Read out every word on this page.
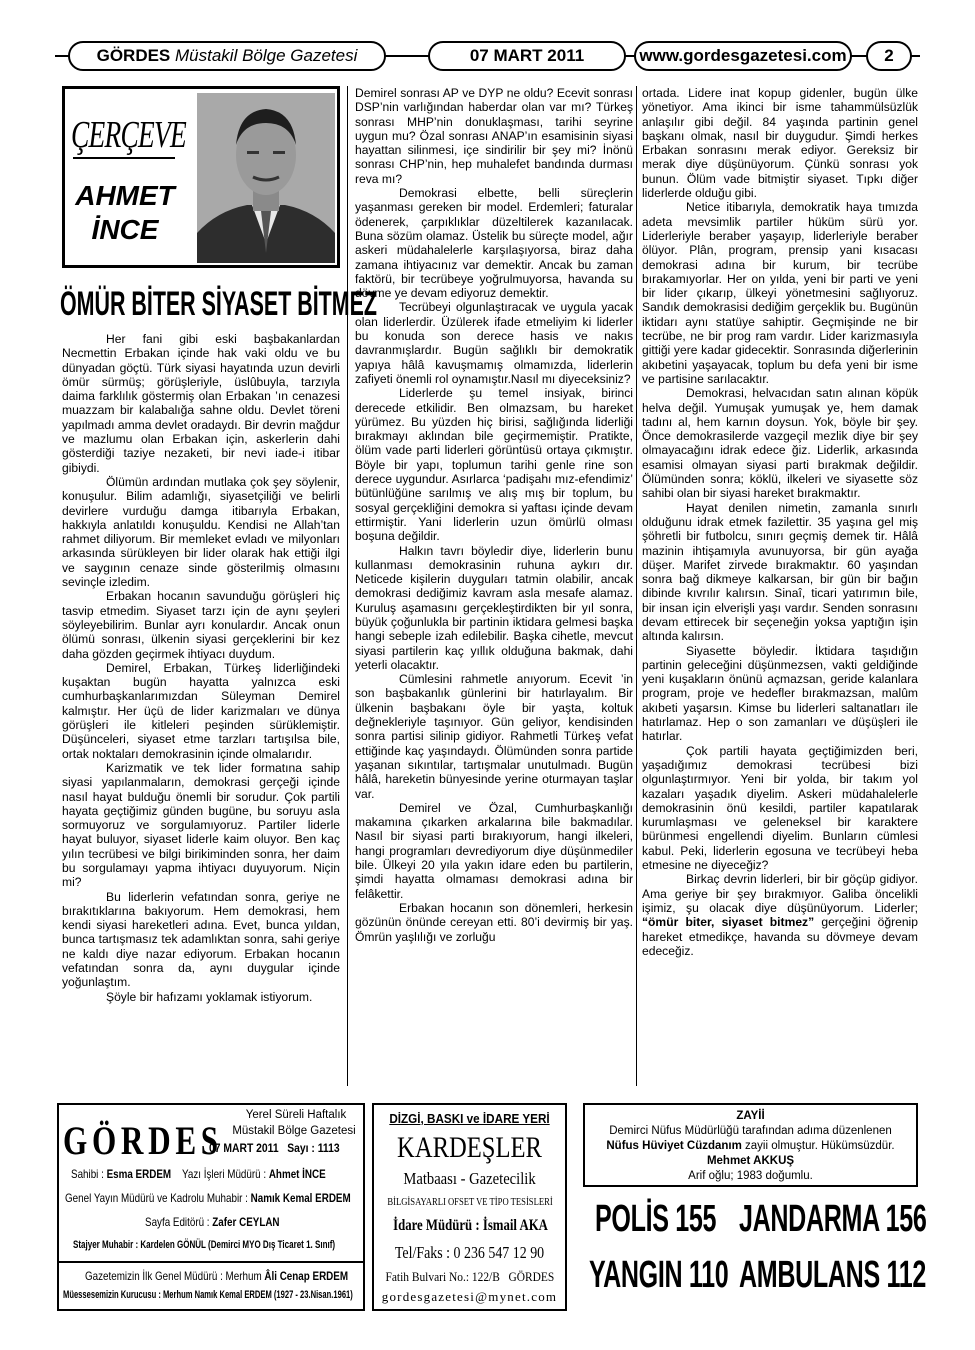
GÖRDES
Müstakil Bölge Gazetesi	07 MART 2011	www.gordesgazetesi.com 2
ÇERÇEVE
AHMET
İNCE
ÖMÜR BİTER SİYASET BİTMEZ

Her fani gibi eski başbakanlardan Necmettin Erbakan içinde hak vaki oldu ve bu dünyadan göçtü. Türk siyasi hayatında uzun devirli ömür sürmüş; görüşleriyle, üslûbuyla, tarzıyla daima farklılık göstermiş olan Erbakan ’ın cenazesi muazzam bir kalabalığa sahne oldu. Devlet töreni yapılmadı amma devlet oradaydı. Bir devrin mağdur ve mazlumu olan Erbakan için, askerlerin dahi gösterdiği taziye nezaketi, bir nevi iade-i itibar gibiydi.

Ölümün ardından mutlaka çok şey söylenir, konuşulur. Bilim adamlığı, siyasetçiliği ve belirli devirlere vurduğu damga itibarıyla Erbakan, hakkıyla anlatıldı konuşuldu. Kendisi ne Allah’tan rahmet diliyorum. Bir memleket evladı ve milyonları arkasında sürükleyen bir lider olarak hak ettiği ilgi ve saygının cenaze sinde gösterilmiş olmasını sevinçle izledim.

Erbakan hocanın savunduğu görüşleri hiç tasvip etmedim. Siyaset tarzı için de aynı şeyleri söyleyebilirim. Bunlar ayrı konulardır. Ancak onun ölümü sonrası, ülkenin siyasi gerçeklerini bir kez daha gözden geçirmek ihtiyacı duydum.

Demirel, Erbakan, Türkeş liderliğindeki kuşaktan bugün hayatta yalnızca eski cumhurbaşkanlarımızdan Süleyman Demirel kalmıştır. Her üçü de lider karizmaları ve dünya görüşleri ile kitleleri peşinden sürüklemiştir. Düşünceleri, siyaset etme tarzları tartışılsa bile, ortak noktaları demokrasinin içinde olmalarıdır.

Karizmatik ve tek lider formatına sahip siyasi yapılanmaların, demokrasi gerçeği içinde nasıl hayat bulduğu önemli bir sorudur. Çok partili hayata geçtiğimiz günden bugüne, bu soruyu asla sormuyoruz ve sorgulamıyoruz. Partiler liderle hayat buluyor, siyaset liderle kaim oluyor. Ben kaç yılın tecrübesi ve bilgi birikiminden sonra, her daim bu sorgulamayı yapma ihtiyacı duyuyorum. Niçin mi?

Bu liderlerin vefatından sonra, geriye ne bırakıtıklarına bakıyorum. Hem demokrasi, hem kendi siyasi hareketleri adına. Evet, bunca yıldan, bunca tartışmasız tek adamlıktan sonra, sahi geriye ne kaldı diye nazar ediyorum. Erbakan hocanın vefatından sonra da, aynı duygular içinde yoğunlaştım.

Şöyle bir hafızamı yoklamak istiyorum.

Demirel sonrası AP ve DYP ne oldu? Ecevit sonrası DSP’nin varlığından haberdar olan var mı? Türkeş sonrası MHP’nin donuklaşması, tarihi seyrine uygun mu? Özal sonrası ANAP’ın esamisinin siyasi hayattan silinmesi, içe sindirilir bir şey mi? İnönü sonrası CHP’nin, hep muhalefet bandında durması reva mı?

Demokrasi elbette, belli süreçlerin yaşanması gereken bir model. Erdemleri; faturalar ödenerek, çarpıklıklar düzeltilerek kazanılacak. Buna sözüm olamaz. Üstelik bu süreçte model, ağır askeri müdahalelerle karşılaşıyorsa, biraz daha zamana ihtiyacınız var demektir. Ancak bu zaman faktörü, bir tecrübeye yoğrulmuyorsa, havanda su dövme ye devam ediyoruz demektir.

Tecrübeyi olgunlaştıracak ve uygula yacak olan liderlerdir. Üzülerek ifade etmeliyim ki liderler bu konuda son derece hasis ve nakıs davranmışlardır. Bugün sağlıklı bir demokratik yapıya hâlâ kavuşmamış olmamızda, liderlerin zafiyeti önemli rol oynamıştır.Nasıl mı diyeceksiniz?

Liderlerde şu temel insiyak, birinci derecede etkilidir. Ben olmazsam, bu hareket yürümez. Bu yüzden hiç birisi, sağlığında liderliği bırakmayı aklından bile geçirmemiştir. Pratikte, ölüm vade parti liderleri görüntüsü ortaya çıkmıştır. Böyle bir yapı, toplumun tarihi genle rine son derece uygundur. Asırlarca ‘padişahı mız-efendimiz’ bütünlüğüne sarılmış ve alış mış bir toplum, bu sosyal gerçekliğini demokra si yaftası içinde devam ettirmiştir. Yani liderlerin uzun ömürlü olması boşuna değildir.

Halkın tavrı böyledir diye, liderlerin bunu kullanması demokrasinin ruhuna aykırı dır. Neticede kişilerin duyguları tatmin olabilir, ancak demokrasi dediğimiz kavram asla mesafe alamaz. Kuruluş aşamasını gerçekleştirdikten bir yıl sonra, büyük çoğunlukla bir partinin iktidara gelmesi başka hangi sebeple izah edilebilir. Başka cihetle, mevcut siyasi partilerin kaç yıllık olduğuna bakmak, dahi yeterli olacaktır.

Cümlesini rahmetle anıyorum. Ecevit ’in son başbakanlık günlerini bir hatırlayalım. Bir ülkenin başbakanı öyle bir yaşta, koltuk değnekleriyle taşınıyor. Gün geliyor, kendisinden sonra partisi silinip gidiyor. Rahmetli Türkeş vefat ettiğinde kaç yaşındaydı. Ölümünden sonra partide yaşanan sıkıntılar, tartışmalar unutulmadı. Bugün hâlâ, hareketin bünyesinde yerine oturmayan taşlar var.

Demirel ve Özal, Cumhurbaşkanlığı makamına çıkarken arkalarına bile bakmadılar. Nasıl bir siyasi parti bırakıyorum, hangi ilkeleri, hangi programları devrediyorum diye düşünmediler bile. Ülkeyi 20 yıla yakın idare eden bu partilerin, şimdi hayatta olmaması demokrasi adına bir felâkettir.

Erbakan hocanın son dönemleri, herkesin gözünün önünde cereyan etti. 80’i devirmiş bir yaş. Ömrün yaşlılığı ve zorluğu

ortada. Lidere inat kopup gidenler, bugün ülke yönetiyor. Ama ikinci bir isme tahammülsüzlük anlaşılır gibi değil. 84 yaşında partinin genel başkanı olmak, nasıl bir duygudur. Şimdi herkes Erbakan sonrasını merak ediyor. Gereksiz bir merak diye düşünüyorum. Çünkü sonrası yok bunun. Ölüm vade bitmiştir siyaset. Tıpkı diğer liderlerde olduğu gibi.

Netice itibarıyla, demokratik haya tımızda adeta mevsimlik partiler hüküm sürü yor. Liderleriyle beraber yaşayıp, liderleriyle beraber ölüyor. Plân, program, prensip yani kısacası demokrasi adına bir kurum, bir tecrübe bırakamıyorlar. Her on yılda, yeni bir parti ve yeni bir lider çıkarıp, ülkeyi yönetmesini sağlıyoruz. Sandık demokrasisi dediğim gerçeklik bu. Bugünün iktidarı aynı statüye sahiptir. Geçmişinde ne bir tecrübe, ne bir prog ram vardır. Lider karizmasıyla gittiği yere kadar gidecektir. Sonrasında diğerlerinin akıbetini yaşayacak, toplum bu defa yeni bir isme ve partisine sarılacaktır.

Demokrasi, helvacıdan satın alınan köpük helva değil. Yumuşak yumuşak ye, hem damak tadını al, hem karnın doysun. Yok, böyle bir şey. Önce demokrasilerde vazgeçil mezlik diye bir şey olmayacağını idrak edece ğiz. Liderlik, arkasında esamisi olmayan siyasi parti bırakmak değildir. Ölümünden sonra; köklü, ilkeleri ve siyasette söz sahibi olan bir siyasi hareket bırakmaktır.

Hayat denilen nimetin, zamanla sınırlı olduğunu idrak etmek fazilettir. 35 yaşına gel miş şöhretli bir futbolcu, sınırı geçmiş demek tir. Hâlâ mazinin ihtişamıyla avunuyorsa, bir gün ayağa düşer. Marifet zirvede bırakmaktır. 60 yaşından sonra bağ dikmeye kalkarsan, bir gün bir bağın dibinde kıvrılır kalırsın. Sinaî, ticari yatırımın bile, bir insan için elverişli yaşı vardır. Senden sonrasını devam ettirecek bir seçeneğin yoksa yaptığın işin altında kalırsın.

Siyasette böyledir. İktidara taşıdığın partinin geleceğini düşünmezsen, vakti geldiğinde yeni kuşakların önünü açmazsan, geride kalanlara program, proje ve hedefler bırakmazsan, malûm akıbeti yaşarsın. Kimse bu liderleri saltanatları ile hatırlamaz. Hep o son zamanları ve düşüşleri ile hatırlar.

Çok partili hayata geçtiğimizden beri, yaşadığımız demokrasi tecrübesi bizi olgunlaştırmıyor. Yeni bir yolda, bir takım yol kazaları yaşadık diyelim. Askeri müdahalelerle demokrasinin önü kesildi, partiler kapatılarak kurumlaşması ve geleneksel bir karaktere bürünmesi engellendi diyelim. Bunların cümlesi kabul. Peki, liderlerin egosuna ve tecrübeyi heba etmesine ne diyeceğiz?

Birkaç devrin liderleri, bir bir göçüp gidiyor. Ama geriye bir şey bırakmıyor. Galiba öncelikli işimiz, şu olacak diye düşünüyorum. Liderler; “ömür biter, siyaset bitmez” gerçeğini öğrenip hareket etmedikçe, havanda su dövmeye devam edeceğiz.

GÖRDES
Yerel Süreli Haftalık
Müstakil Bölge Gazetesi
07 MART 2011   Sayı : 1113
Sahibi : Esma ERDEM Yazı İşleri Müdürü : Ahmet İNCE
Genel Yayın Müdürü ve Kadrolu Muhabir : Namık Kemal ERDEM
Sayfa Editörü : Zafer CEYLAN
Stajyer Muhabir : Kardelen GÖNÜL (Demirci MYO Dış Ticaret 1. Sınıf)
Gazetemizin İlk Genel Müdürü : Merhum Âli Cenap ERDEM
Müessesemizin Kurucusu : Merhum Namık Kemal ERDEM (1927 - 23.Nisan.1961)
DİZGİ, BASKI ve İDARE YERİ
KARDEŞLER
Matbaası - Gazetecilik
BİLGİSAYARLI OFSET VE TİPO TESİSLERİ
İdare Müdürü : İsmail AKA
Tel/Faks : 0 236 547 12 90
Fatih Bulvari No.: 122/B   GÖRDES
gordesgazetesi@mynet.com
ZAYİİ
Demirci Nüfus Müdürlüğü tarafından adıma düzenlenen
Nüfus Hüviyet Cüzdanım zayii olmuştur. Hükümsüzdür.
Mehmet AKKUŞ
Arif oğlu; 1983 doğumlu.
POLİS 155 JANDARMA 156
YANGIN 110 AMBULANS 112
